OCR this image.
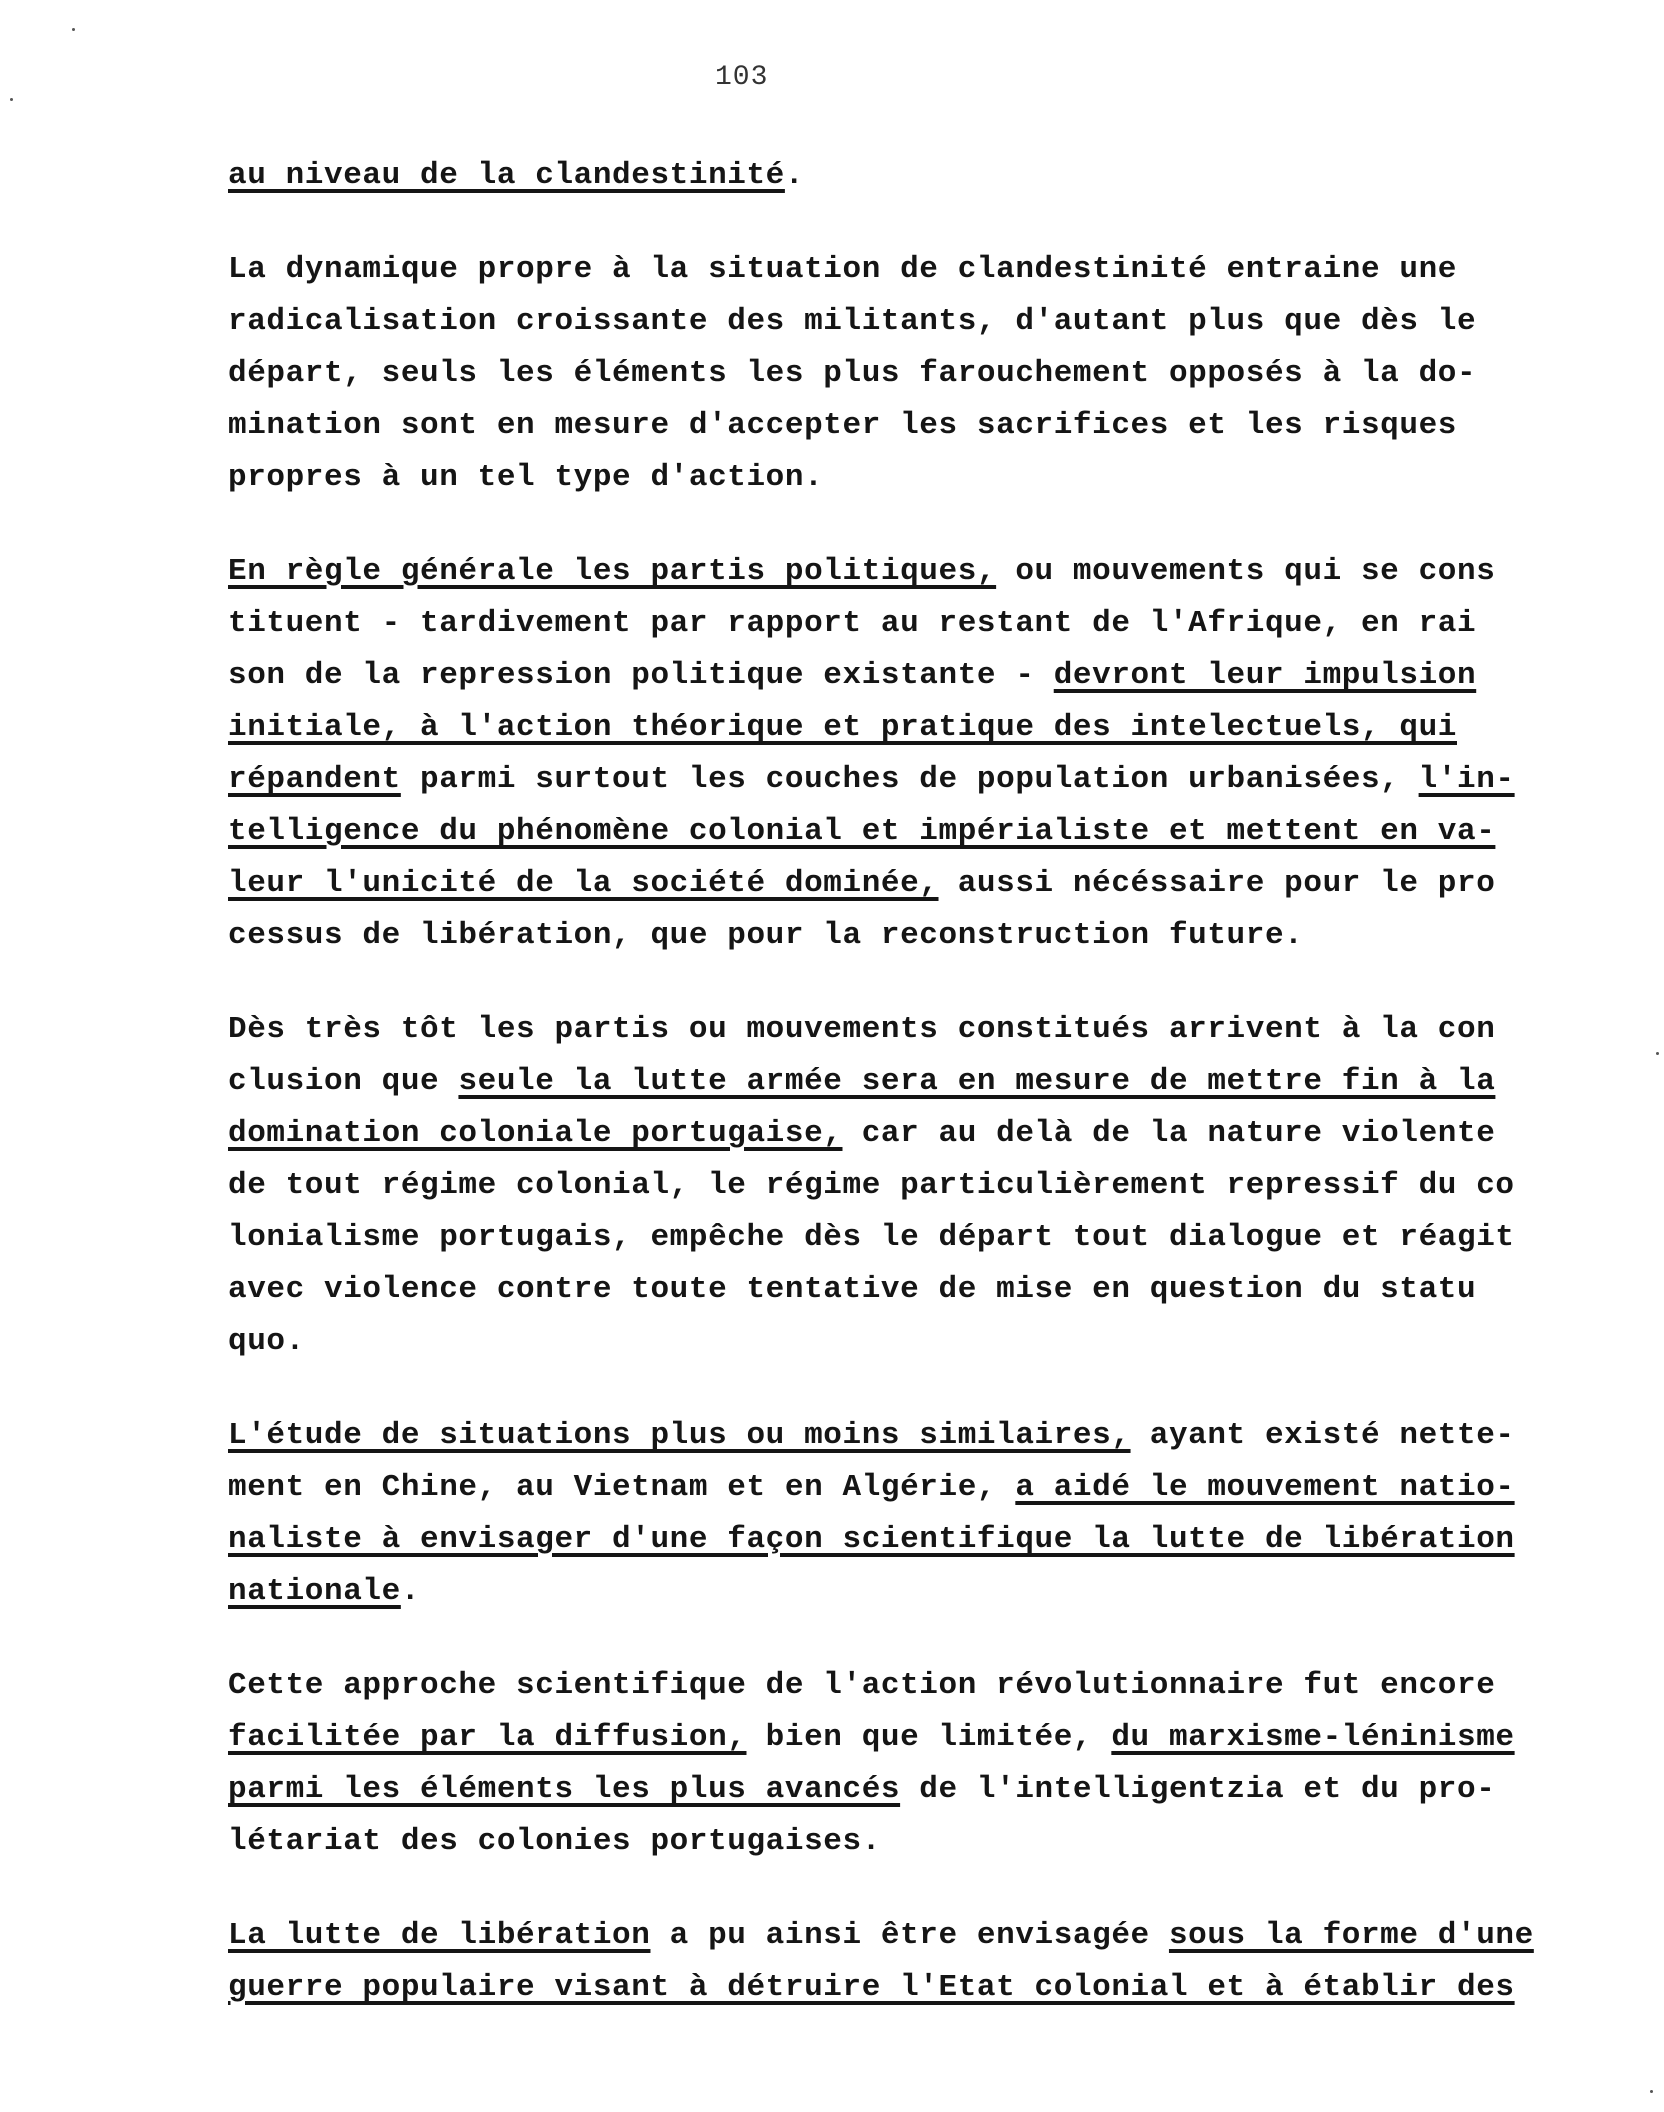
103
au niveau de la clandestinité.
La dynamique propre à la situation de clandestinité entraine une
radicalisation croissante des militants, d'autant plus que dès le
départ, seuls les éléments les plus farouchement opposés à la do-
mination sont en mesure d'accepter les sacrifices et les risques
propres à un tel type d'action.
En règle générale les partis politiques, ou mouvements qui se cons
tituent - tardivement par rapport au restant de l'Afrique, en rai
son de la repression politique existante - devront leur impulsion
initiale, à l'action théorique et pratique des intelectuels, qui
répandent parmi surtout les couches de population urbanisées, l'in-
telligence du phénomène colonial et impérialiste et mettent en va-
leur l'unicité de la société dominée, aussi nécéssaire pour le pro
cessus de libération, que pour la reconstruction future.
Dès très tôt les partis ou mouvements constitués arrivent à la con
clusion que seule la lutte armée sera en mesure de mettre fin à la
domination coloniale portugaise, car au delà de la nature violente
de tout régime colonial, le régime particulièrement repressif du co
lonialisme portugais, empêche dès le départ tout dialogue et réagit
avec violence contre toute tentative de mise en question du statu
quo.
L'étude de situations plus ou moins similaires, ayant existé nette-
ment en Chine, au Vietnam et en Algérie, a aidé le mouvement natio-
naliste à envisager d'une façon scientifique la lutte de libération
nationale.
Cette approche scientifique de l'action révolutionnaire fut encore
facilitée par la diffusion, bien que limitée, du marxisme-léninisme
parmi les éléments les plus avancés de l'intelligentzia et du pro-
létariat des colonies portugaises.
La lutte de libération a pu ainsi être envisagée sous la forme d'une
guerre populaire visant à détruire l'Etat colonial et à établir des
